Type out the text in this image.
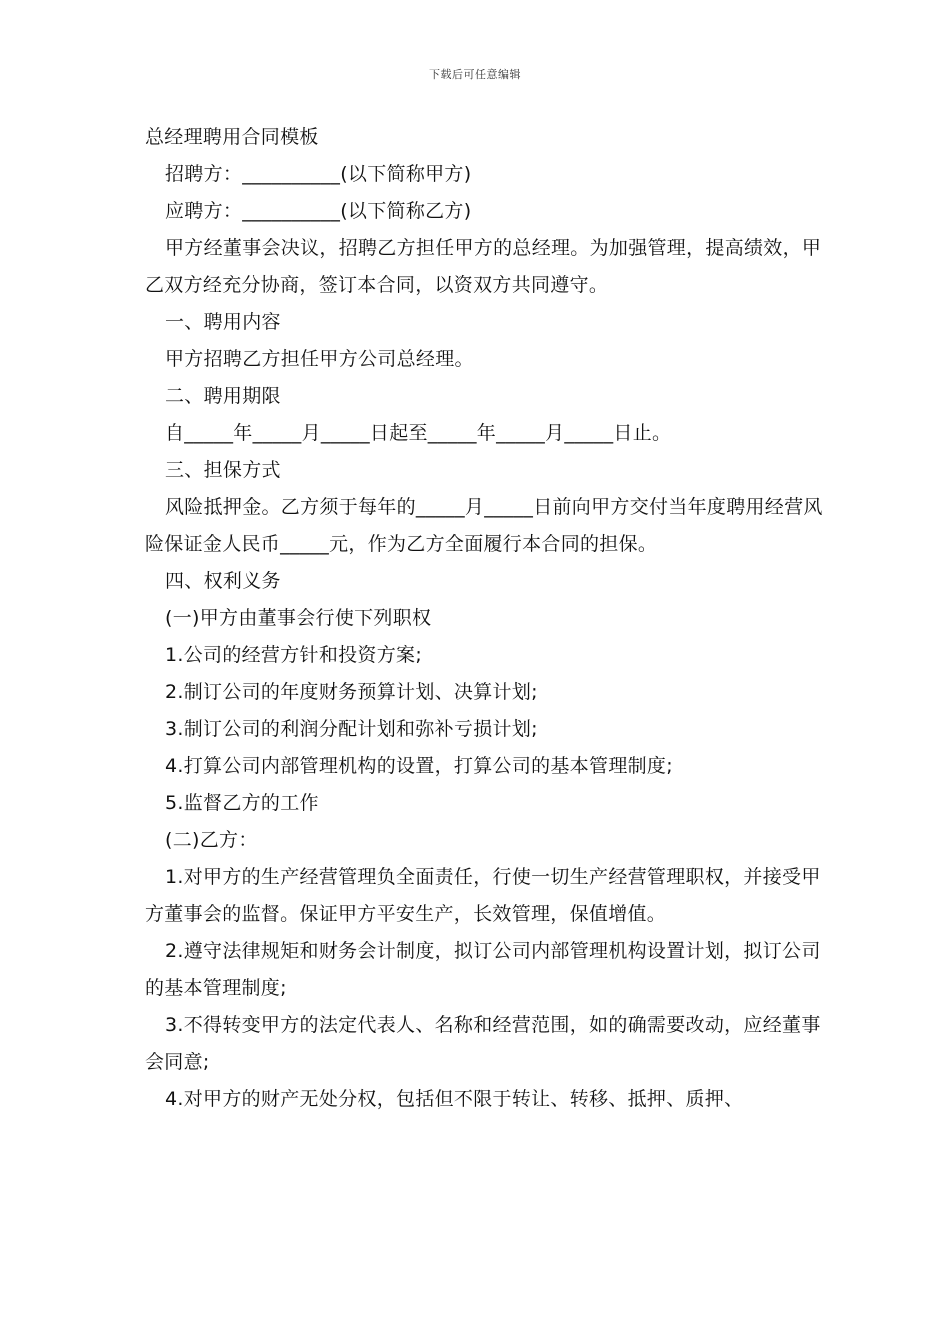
下载后可任意编辑
总经理聘用合同模板
招聘方：__________(以下简称甲方)
应聘方：__________(以下简称乙方)
甲方经董事会决议，招聘乙方担任甲方的总经理。为加强管理，提高绩效，甲乙双方经充分协商，签订本合同，以资双方共同遵守。
一、聘用内容
甲方招聘乙方担任甲方公司总经理。
二、聘用期限
自_____年_____月_____日起至_____年_____月_____日止。
三、担保方式
风险抵押金。乙方须于每年的_____月_____日前向甲方交付当年度聘用经营风险保证金人民币_____元，作为乙方全面履行本合同的担保。
四、权利义务
(一)甲方由董事会行使下列职权
1.公司的经营方针和投资方案;
2.制订公司的年度财务预算计划、决算计划;
3.制订公司的利润分配计划和弥补亏损计划;
4.打算公司内部管理机构的设置，打算公司的基本管理制度;
5.监督乙方的工作
(二)乙方：
1.对甲方的生产经营管理负全面责任，行使一切生产经营管理职权，并接受甲方董事会的监督。保证甲方平安生产，长效管理，保值增值。
2.遵守法律规矩和财务会计制度，拟订公司内部管理机构设置计划，拟订公司的基本管理制度;
3.不得转变甲方的法定代表人、名称和经营范围，如的确需要改动，应经董事会同意;
4.对甲方的财产无处分权，包括但不限于转让、转移、抵押、质押、
